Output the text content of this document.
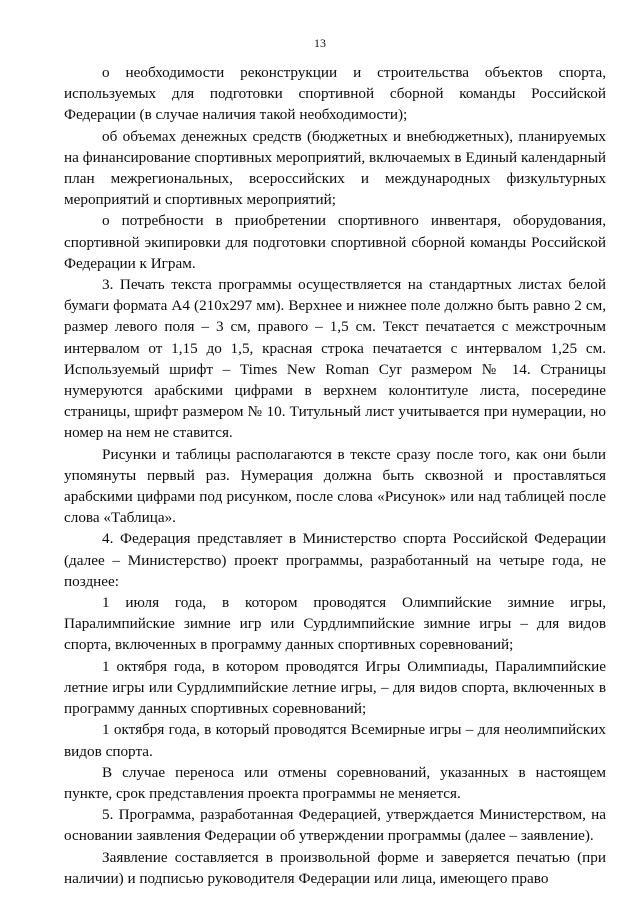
13

о необходимости реконструкции и строительства объектов спорта, используемых для подготовки спортивной сборной команды Российской Федерации (в случае наличия такой необходимости);

об объемах денежных средств (бюджетных и внебюджетных), планируемых на финансирование спортивных мероприятий, включаемых в Единый календарный план межрегиональных, всероссийских и международных физкультурных мероприятий и спортивных мероприятий;

о потребности в приобретении спортивного инвентаря, оборудования, спортивной экипировки для подготовки спортивной сборной команды Российской Федерации к Играм.

3. Печать текста программы осуществляется на стандартных листах белой бумаги формата А4 (210x297 мм). Верхнее и нижнее поле должно быть равно 2 см, размер левого поля – 3 см, правого – 1,5 см. Текст печатается с межстрочным интервалом от 1,15 до 1,5, красная строка печатается с интервалом 1,25 см. Используемый шрифт – Times New Roman Cyr размером № 14. Страницы нумеруются арабскими цифрами в верхнем колонтитуле листа, посередине страницы, шрифт размером № 10. Титульный лист учитывается при нумерации, но номер на нем не ставится.

Рисунки и таблицы располагаются в тексте сразу после того, как они были упомянуты первый раз. Нумерация должна быть сквозной и проставляться арабскими цифрами под рисунком, после слова «Рисунок» или над таблицей после слова «Таблица».

4. Федерация представляет в Министерство спорта Российской Федерации (далее – Министерство) проект программы, разработанный на четыре года, не позднее:

1 июля года, в котором проводятся Олимпийские зимние игры, Паралимпийские зимние игр или Сурдлимпийские зимние игры – для видов спорта, включенных в программу данных спортивных соревнований;

1 октября года, в котором проводятся Игры Олимпиады, Паралимпийские летние игры или Сурдлимпийские летние игры, – для видов спорта, включенных в программу данных спортивных соревнований;

1 октября года, в который проводятся Всемирные игры – для неолимпийских видов спорта.

В случае переноса или отмены соревнований, указанных в настоящем пункте, срок представления проекта программы не меняется.

5. Программа, разработанная Федерацией, утверждается Министерством, на основании заявления Федерации об утверждении программы (далее – заявление).

Заявление составляется в произвольной форме и заверяется печатью (при наличии) и подписью руководителя Федерации или лица, имеющего право
